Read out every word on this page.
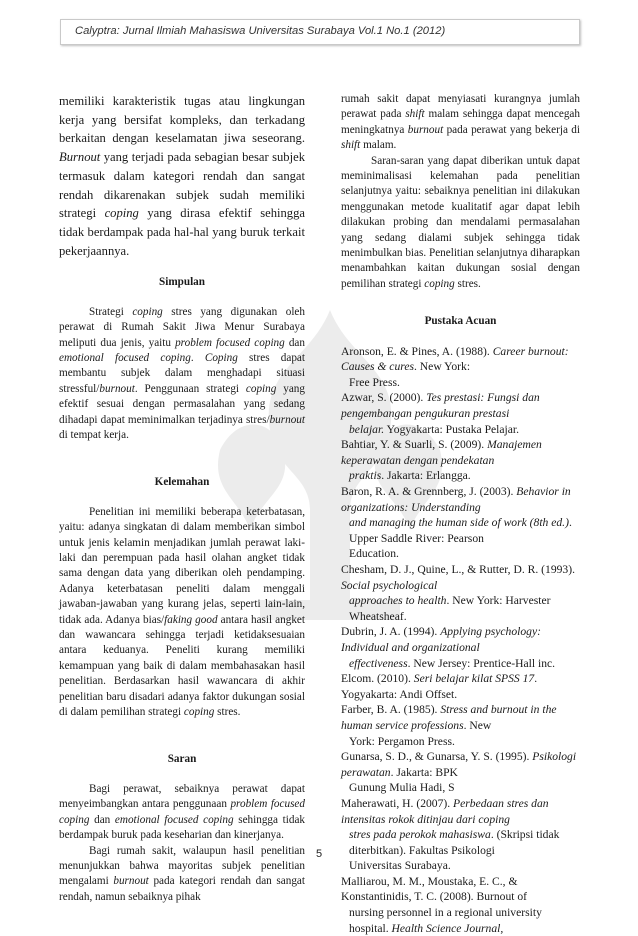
Calyptra: Jurnal Ilmiah Mahasiswa Universitas Surabaya Vol.1 No.1 (2012)

memiliki karakteristik tugas atau lingkungan kerja yang bersifat kompleks, dan terkadang berkaitan dengan keselamatan jiwa seseorang. Burnout yang terjadi pada sebagian besar subjek termasuk dalam kategori rendah dan sangat rendah dikarenakan subjek sudah memiliki strategi coping yang dirasa efektif sehingga tidak berdampak pada hal-hal yang buruk terkait pekerjaannya.

Simpulan

Strategi coping stres yang digunakan oleh perawat di Rumah Sakit Jiwa Menur Surabaya meliputi dua jenis, yaitu problem focused coping dan emotional focused coping. Coping stres dapat membantu subjek dalam menghadapi situasi stressful/burnout. Penggunaan strategi coping yang efektif sesuai dengan permasalahan yang sedang dihadapi dapat meminimalkan terjadinya stres/burnout di tempat kerja.

Kelemahan

Penelitian ini memiliki beberapa keterbatasan, yaitu: adanya singkatan di dalam memberikan simbol untuk jenis kelamin menjadikan jumlah perawat laki-laki dan perempuan pada hasil olahan angket tidak sama dengan data yang diberikan oleh pendamping. Adanya keterbatasan peneliti dalam menggali jawaban-jawaban yang kurang jelas, seperti lain-lain, tidak ada. Adanya bias/faking good antara hasil angket dan wawancara sehingga terjadi ketidaksesuaian antara keduanya. Peneliti kurang memiliki kemampuan yang baik di dalam membahasakan hasil penelitian. Berdasarkan hasil wawancara di akhir penelitian baru disadari adanya faktor dukungan sosial di dalam pemilihan strategi coping stres.

Saran

Bagi perawat, sebaiknya perawat dapat menyeimbangkan antara penggunaan problem focused coping dan emotional focused coping sehingga tidak berdampak buruk pada keseharian dan kinerjanya.

Bagi rumah sakit, walaupun hasil penelitian menunjukkan bahwa mayoritas subjek penelitian mengalami burnout pada kategori rendah dan sangat rendah, namun sebaiknya pihak

rumah sakit dapat menyiasati kurangnya jumlah perawat pada shift malam sehingga dapat mencegah meningkatnya burnout pada perawat yang bekerja di shift malam.

Saran-saran yang dapat diberikan untuk dapat meminimalisasi kelemahan pada penelitian selanjutnya yaitu: sebaiknya penelitian ini dilakukan menggunakan metode kualitatif agar dapat lebih dilakukan probing dan mendalami permasalahan yang sedang dialami subjek sehingga tidak menimbulkan bias. Penelitian selanjutnya diharapkan menambahkan kaitan dukungan sosial dengan pemilihan strategi coping stres.

Pustaka Acuan

Aronson, E. & Pines, A. (1988). Career burnout: Causes & cures. New York:
Free Press.

Azwar, S. (2000). Tes prestasi: Fungsi dan pengembangan pengukuran prestasi
belajar. Yogyakarta: Pustaka Pelajar.

Bahtiar, Y. & Suarli, S. (2009). Manajemen keperawatan dengan pendekatan
praktis. Jakarta: Erlangga.

Baron, R. A. & Grennberg, J. (2003). Behavior in organizations: Understanding
and managing the human side of work (8th ed.). Upper Saddle River: Pearson
Education.

Chesham, D. J., Quine, L., & Rutter, D. R. (1993). Social psychological
approaches to health. New York: Harvester Wheatsheaf.

Dubrin, J. A. (1994). Applying psychology: Individual and organizational
effectiveness. New Jersey: Prentice-Hall inc.

Elcom. (2010). Seri belajar kilat SPSS 17. Yogyakarta: Andi Offset.

Farber, B. A. (1985). Stress and burnout in the human service professions. New
York: Pergamon Press.

Gunarsa, S. D., & Gunarsa, Y. S. (1995). Psikologi perawatan. Jakarta: BPK
Gunung Mulia Hadi, S

Maherawati, H. (2007). Perbedaan stres dan intensitas rokok ditinjau dari coping
stres pada perokok mahasiswa. (Skripsi tidak diterbitkan). Fakultas Psikologi
Universitas Surabaya.

Malliarou, M. M., Moustaka, E. C., & Konstantinidis, T. C. (2008). Burnout of
nursing personnel in a regional university hospital. Health Science Journal,

5
